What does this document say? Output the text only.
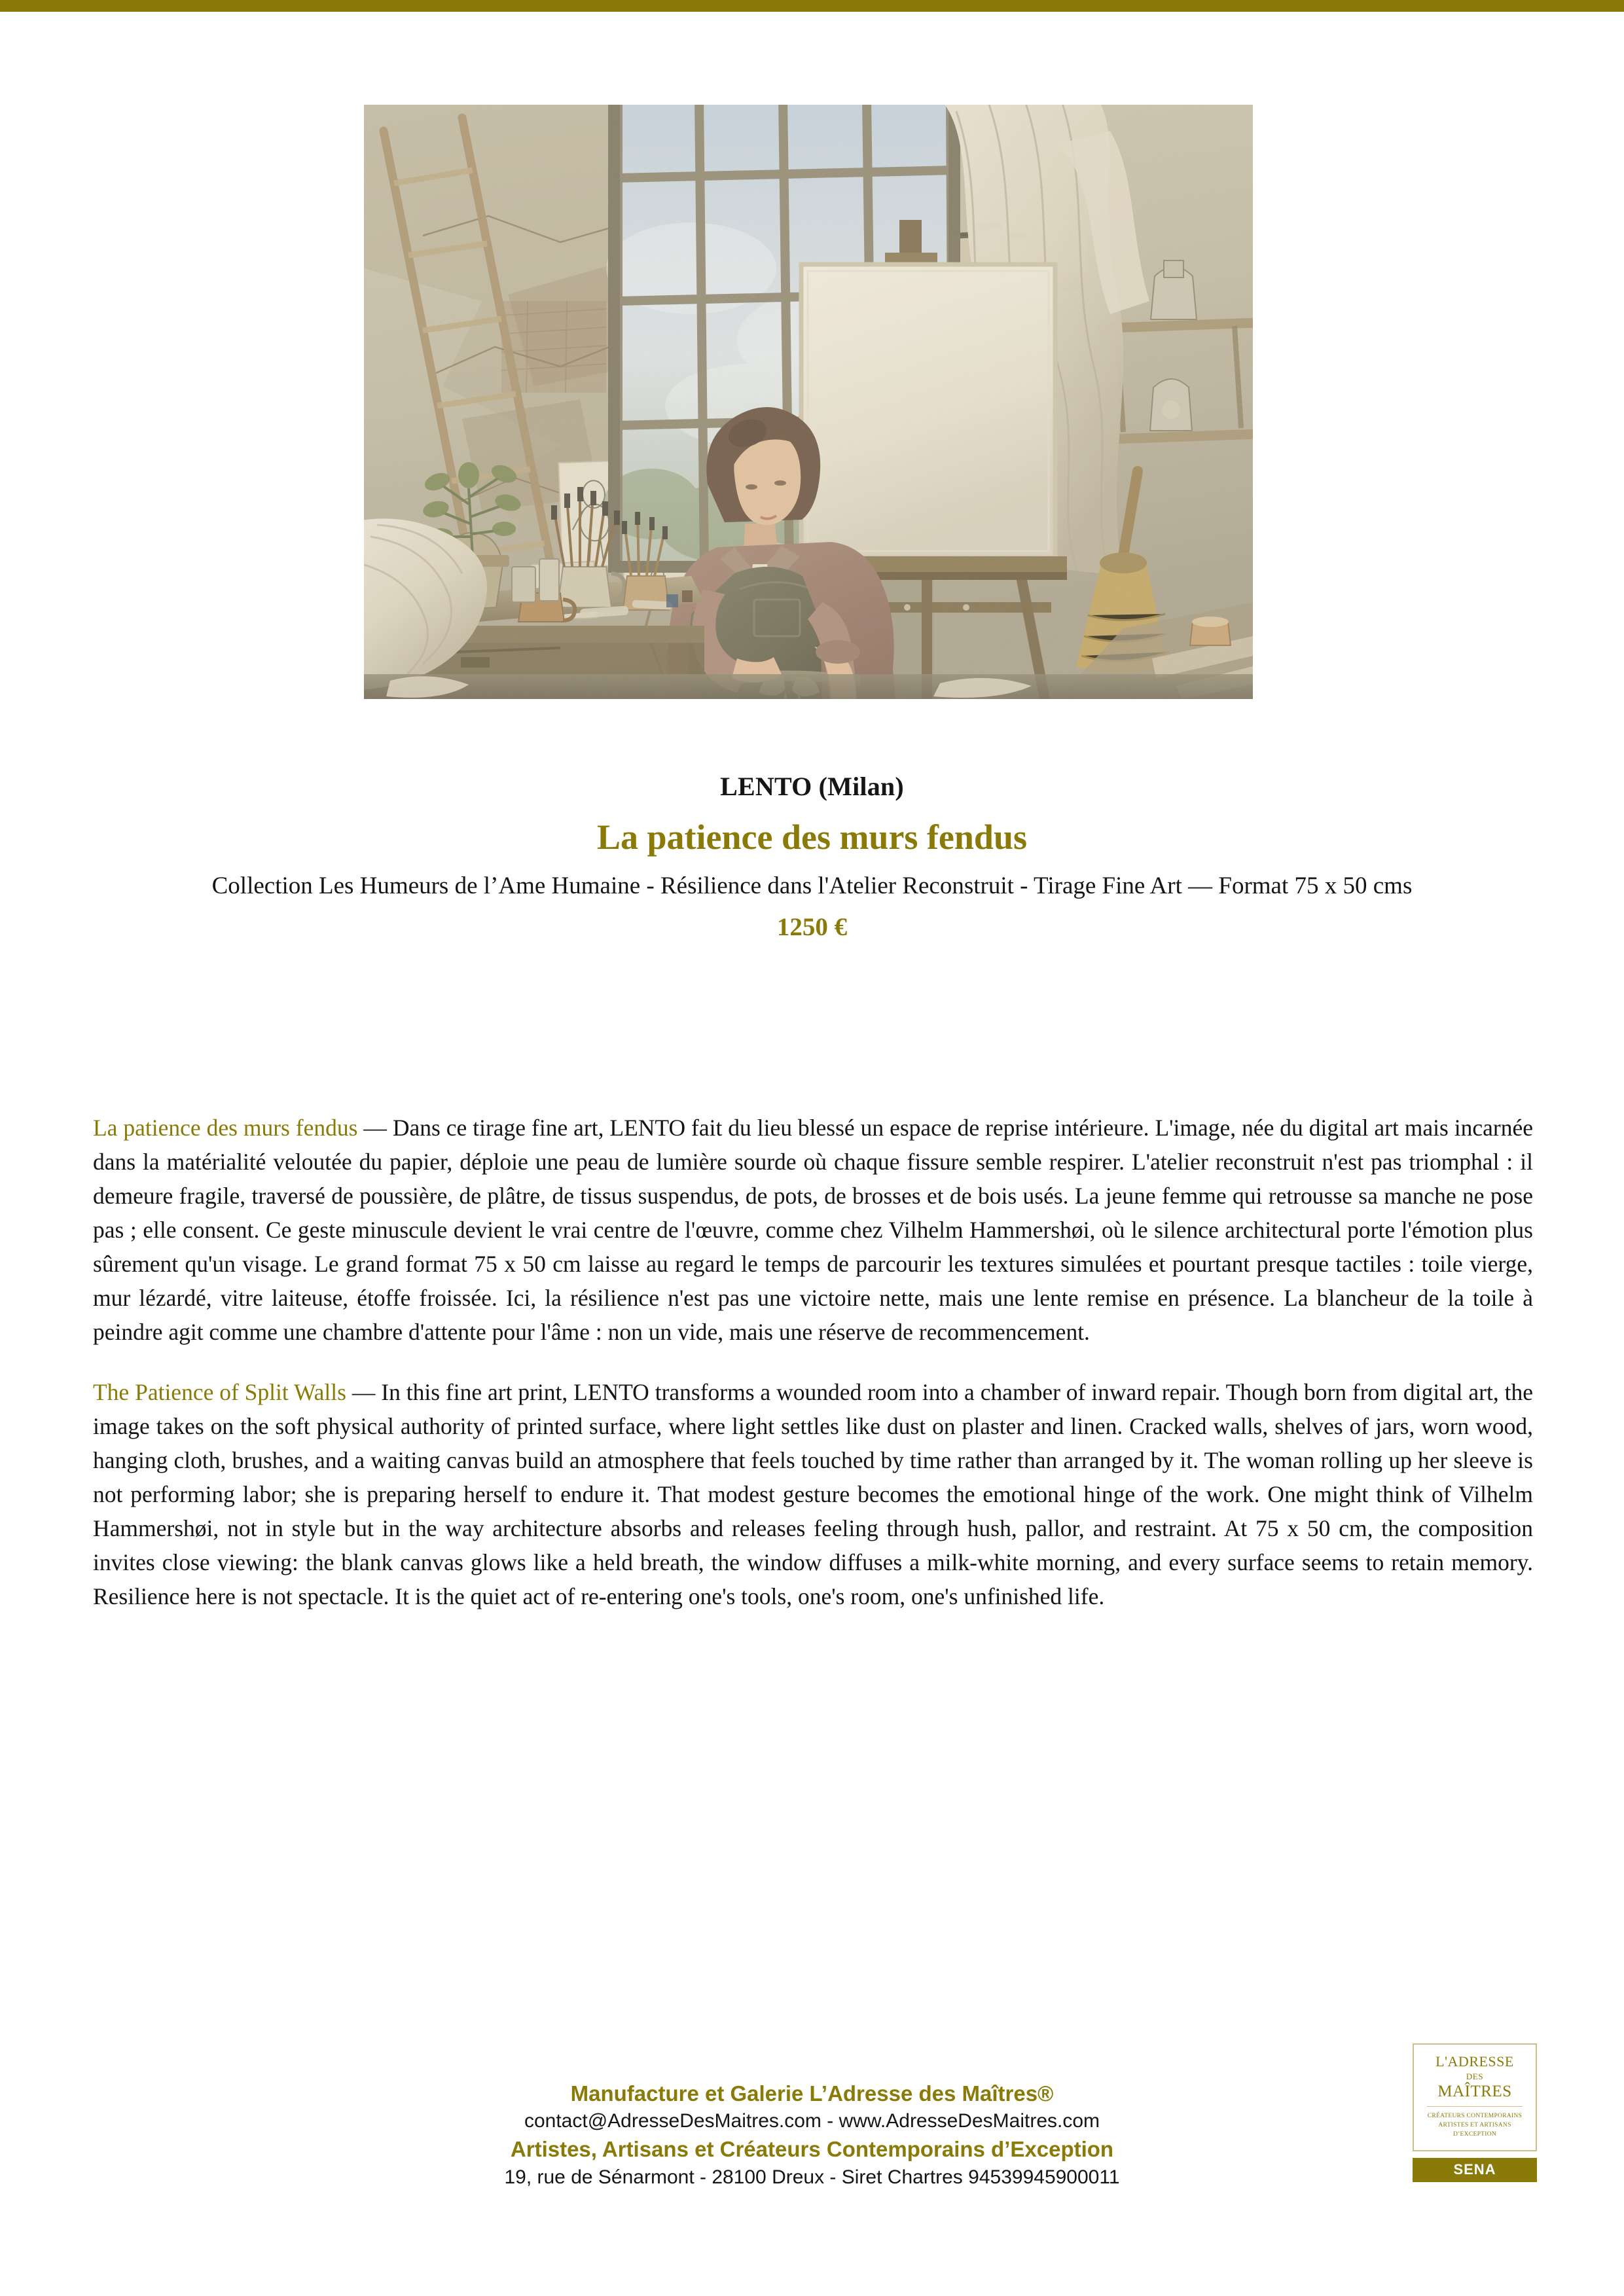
LENTO (Milan)
La patience des murs fendus
Collection Les Humeurs de l’Ame Humaine - Résilience dans l'Atelier Reconstruit - Tirage Fine Art — Format 75 x 50 cms
1250 €

La patience des murs fendus — Dans ce tirage fine art, LENTO fait du lieu blessé un espace de reprise intérieure. L'image, née du digital art mais incarnée dans la matérialité veloutée du papier, déploie une peau de lumière sourde où chaque fissure semble respirer. L'atelier reconstruit n'est pas triomphal : il demeure fragile, traversé de poussière, de plâtre, de tissus suspendus, de pots, de brosses et de bois usés. La jeune femme qui retrousse sa manche ne pose pas ; elle consent. Ce geste minuscule devient le vrai centre de l'œuvre, comme chez Vilhelm Hammershøi, où le silence architectural porte l'émotion plus sûrement qu'un visage. Le grand format 75 x 50 cm laisse au regard le temps de parcourir les textures simulées et pourtant presque tactiles : toile vierge, mur lézardé, vitre laiteuse, étoffe froissée. Ici, la résilience n'est pas une victoire nette, mais une lente remise en présence. La blancheur de la toile à peindre agit comme une chambre d'attente pour l'âme : non un vide, mais une réserve de recommencement.

The Patience of Split Walls — In this fine art print, LENTO transforms a wounded room into a chamber of inward repair. Though born from digital art, the image takes on the soft physical authority of printed surface, where light settles like dust on plaster and linen. Cracked walls, shelves of jars, worn wood, hanging cloth, brushes, and a waiting canvas build an atmosphere that feels touched by time rather than arranged by it. The woman rolling up her sleeve is not performing labor; she is preparing herself to endure it. That modest gesture becomes the emotional hinge of the work. One might think of Vilhelm Hammershøi, not in style but in the way architecture absorbs and releases feeling through hush, pallor, and restraint. At 75 x 50 cm, the composition invites close viewing: the blank canvas glows like a held breath, the window diffuses a milk-white morning, and every surface seems to retain memory. Resilience here is not spectacle. It is the quiet act of re-entering one's tools, one's room, one's unfinished life.

Manufacture et Galerie L’Adresse des Maîtres®
contact@AdresseDesMaitres.com - www.AdresseDesMaitres.com
Artistes, Artisans et Créateurs Contemporains d’Exception
19, rue de Sénarmont - 28100 Dreux - Siret Chartres 94539945900011
L'ADRESSE
DES
MAÎTRES
CRÉATEURS CONTEMPORAINS
ARTISTES ET ARTISANS
D’EXCEPTION
SENA
